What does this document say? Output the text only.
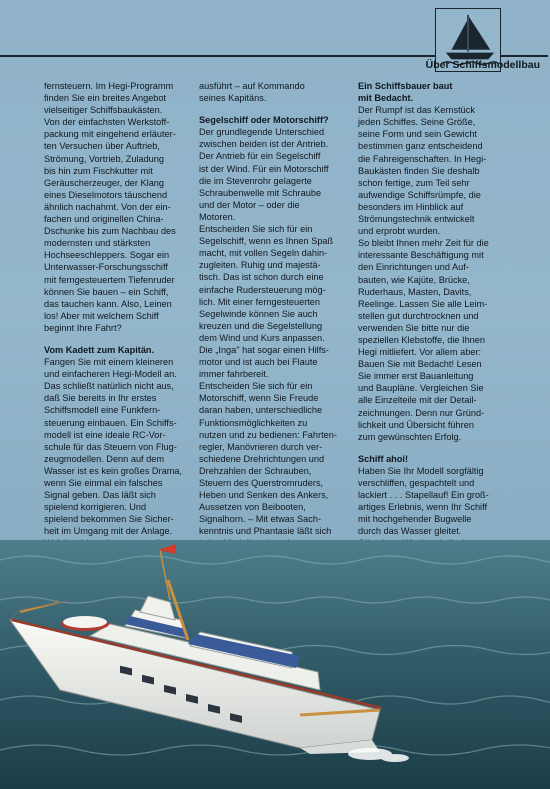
Über Schiffsmodellbau
fernsteuern. Im Hegi-Programm
finden Sie ein breites Angebot
vielseitiger Schiffsbaukästen.
Von der einfachsten Werkstoff-
packung mit eingehend erläuter-
ten Versuchen über Auftrieb,
Strömung, Vortrieb, Zuladung
bis hin zum Fischkutter mit
Geräuscherzeuger, der Klang
eines Dieselmotors täuschend
ähnlich nachahmt. Von der ein-
fachen und originellen China-
Dschunke bis zum Nachbau des
modernsten und stärksten
Hochseeschleppers. Sogar ein
Unterwasser-Forschungsschiff
mit ferngesteuertem Tiefenruder
können Sie bauen – ein Schiff,
das tauchen kann. Also, Leinen
los! Aber mit welchem Schiff
beginnt Ihre Fahrt?
Vom Kadett zum Kapitän.
Fangen Sie mit einem kleineren
und einfacheren Hegi-Modell an.
Das schließt natürlich nicht aus,
daß Sie bereits in Ihr erstes
Schiffsmodell eine Funkfern-
steuerung einbauen. Ein Schiffs-
modell ist eine ideale RC-Vor-
schule für das Steuern von Flug-
zeugmodellen. Denn auf dem
Wasser ist es kein großes Drama,
wenn Sie einmal ein falsches
Signal geben. Das läßt sich
spielend korrigieren. Und
spielend bekommen Sie Sicher-
heit im Umgang mit der Anlage.
ausführt – auf Kommando
seines Kapitäns.
Segelschiff oder Motorschiff?
Der grundlegende Unterschied
zwischen beiden ist der Antrieb.
Der Antrieb für ein Segelschiff
ist der Wind. Für ein Motorschiff
die im Stevenrohr gelagerte
Schraubenwelle mit Schraube
und der Motor – oder die
Motoren.
Entscheiden Sie sich für ein
Segelschiff, wenn es Ihnen Spaß
macht, mit vollen Segeln dahin-
zugleiten. Ruhig und majestä-
tisch. Das ist schon durch eine
einfache Rudersteuerung mög-
lich. Mit einer ferngesteuerten
Segelwinde können Sie auch
kreuzen und die Segelstellung
dem Wind und Kurs anpassen.
Die „Inga" hat sogar einen Hilfs-
motor und ist auch bei Flaute
immer fahrbereit.
Entscheiden Sie sich für ein
Motorschiff, wenn Sie Freude
daran haben, unterschiedliche
Funktionsmöglichkeiten zu
nutzen und zu bedienen: Fahrten-
regler, Manövrieren durch ver-
schiedene Drehrichtungen und
Drehzahlen der Schrauben,
Steuern des Querstromruders,
Heben und Senken des Ankers,
Aussetzen von Beibooten,
Signalhorn. – Mit etwas Sach-
kenntnis und Phantasie läßt sich
Ein Schiffsbauer baut
mit Bedacht.
Der Rumpf ist das Kernstück
jeden Schiffes. Seine Größe,
seine Form und sein Gewicht
bestimmen ganz entscheidend
die Fahreigenschaften. In Hegi-
Baukästen finden Sie deshalb
schon fertige, zum Teil sehr
aufwendige Schiffsrümpfe, die
besonders im Hinblick auf
Strömungstechnik entwickelt
und erprobt wurden.
So bleibt Ihnen mehr Zeit für die
interessante Beschäftigung mit
den Einrichtungen und Auf-
bauten, wie Kajüte, Brücke,
Ruderhaus, Masten, Davits,
Reelinge. Lassen Sie alle Leim-
stellen gut durchtrocknen und
verwenden Sie bitte nur die
speziellen Klebstoffe, die Ihnen
Hegi mitliefert. Vor allem aber:
Bauen Sie mit Bedacht! Lesen
Sie immer erst Bauanleitung
und Baupläne. Vergleichen Sie
alle Einzelteile mit der Detail-
zeichnungen. Denn nur Gründ-
lichkeit und Übersicht führen
zum gewünschten Erfolg.
Schiff ahoi!
Haben Sie Ihr Modell sorgfältig
verschliffen, gespachtelt und
lackiert . . . Stapellauf! Ein groß-
artiges Erlebnis, wenn Ihr Schiff
mit hochgehender Bugwelle
durch das Wasser gleitet.
